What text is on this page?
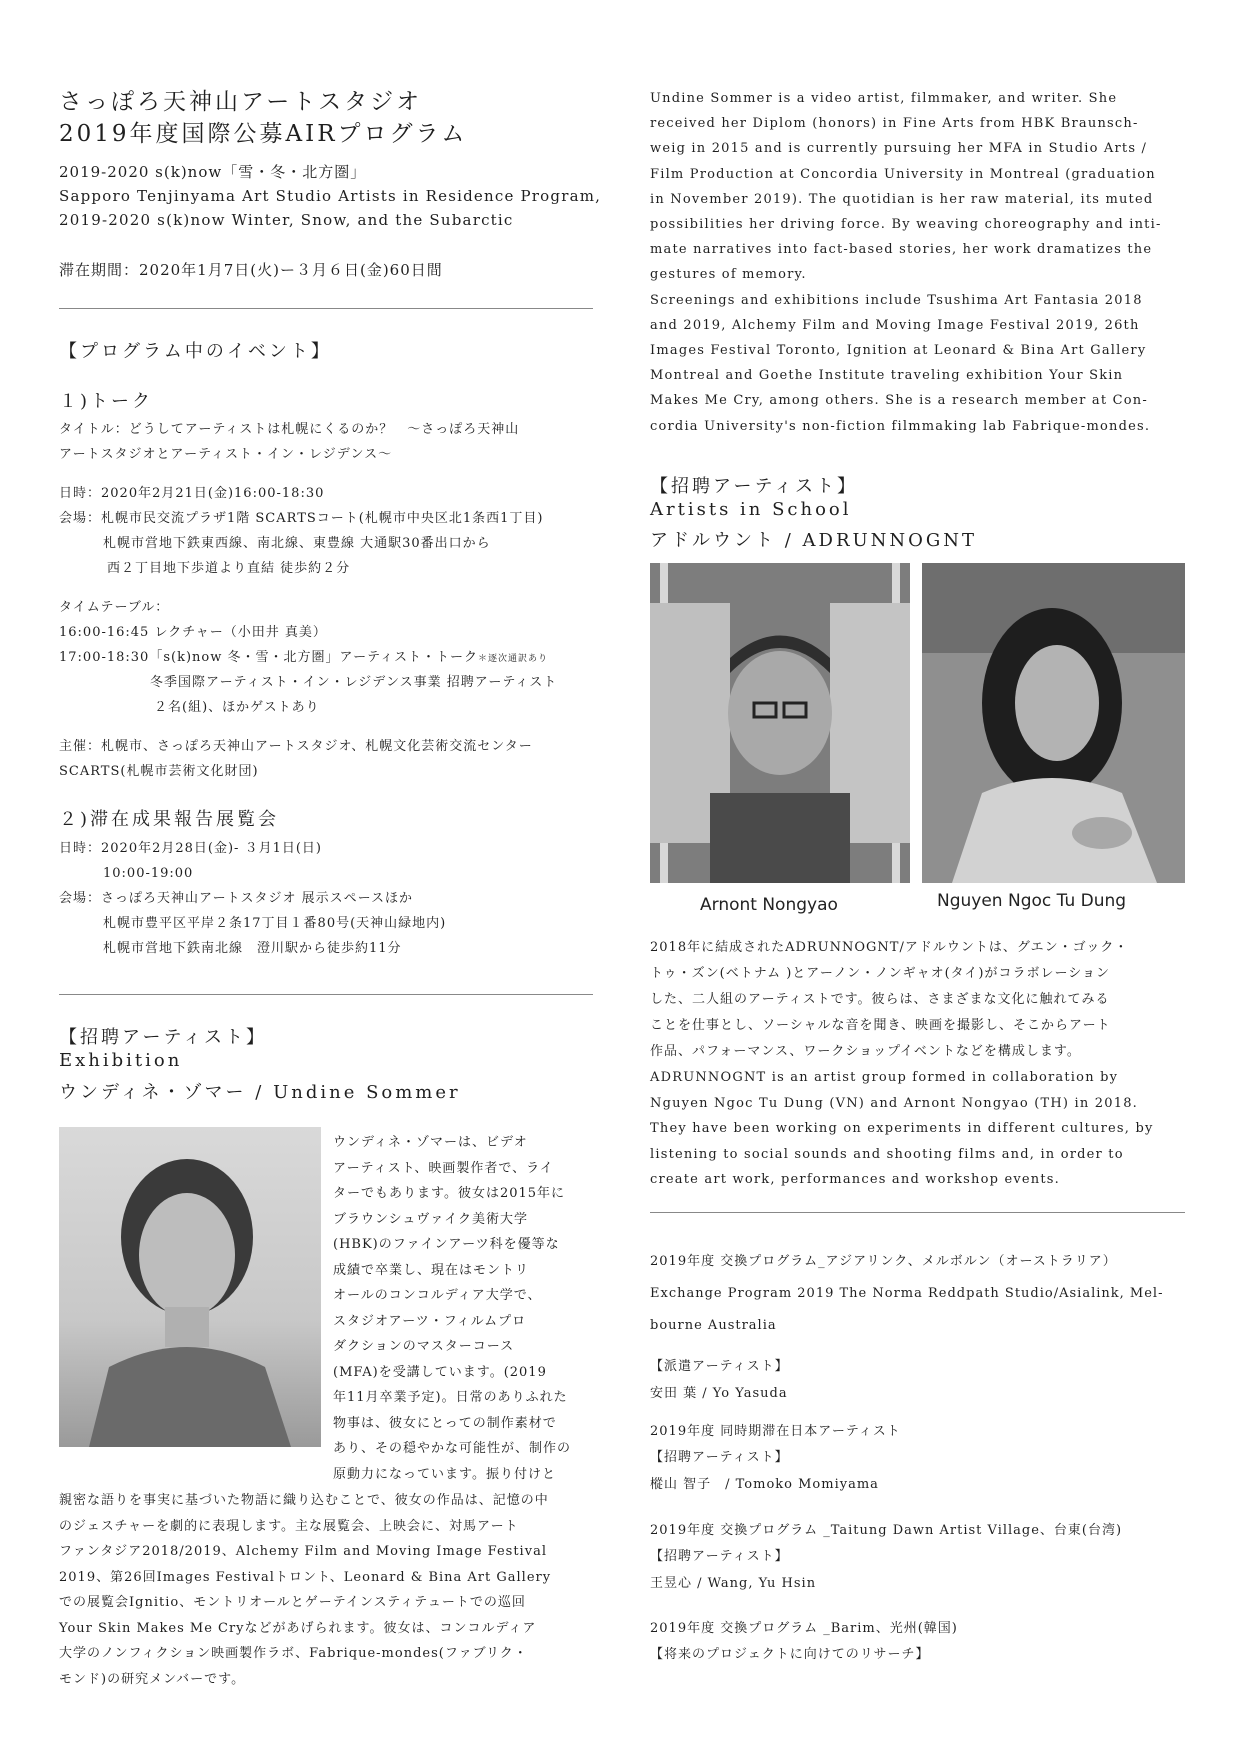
さっぽろ天神山アートスタジオ
2019年度国際公募AIRプログラム
2019-2020 s(k)now「雪・冬・北方圏」
Sapporo Tenjinyama Art Studio Artists in Residence Program,
2019-2020 s(k)now Winter, Snow, and the Subarctic
滞在期間：2020年1月7日(火)ー３月６日(金)60日間
【プログラム中のイベント】
１)トーク
タイトル：どうしてアーティストは札幌にくるのか？　～さっぽろ天神山
アートスタジオとアーティスト・イン・レジデンス～
日時：2020年2月21日(金)16:00-18:30
会場：札幌市民交流プラザ1階 SCARTSコート(札幌市中央区北1条西1丁目)
札幌市営地下鉄東西線、南北線、東豊線 大通駅30番出口から
西２丁目地下歩道より直結 徒歩約２分
タイムテーブル：
16:00-16:45 レクチャー（小田井 真美）
17:00-18:30「s(k)now 冬・雪・北方圏」アーティスト・トーク＊逐次通訳あり
冬季国際アーティスト・イン・レジデンス事業 招聘アーティスト
２名(組)、ほかゲストあり
主催：札幌市、さっぽろ天神山アートスタジオ、札幌文化芸術交流センター
SCARTS(札幌市芸術文化財団)
２)滞在成果報告展覧会
日時：2020年2月28日(金)- ３月1日(日)
10:00-19:00
会場：さっぽろ天神山アートスタジオ 展示スペースほか
札幌市豊平区平岸２条17丁目１番80号(天神山緑地内)
札幌市営地下鉄南北線　澄川駅から徒歩約11分
【招聘アーティスト】
Exhibition
ウンディネ・ゾマー / Undine Sommer
ウンディネ・ゾマーは、ビデオ
アーティスト、映画製作者で、ライ
ターでもあります。彼女は2015年に
ブラウンシュヴァイク美術大学
(HBK)のファインアーツ科を優等な
成績で卒業し、現在はモントリ
オールのコンコルディア大学で、
スタジオアーツ・フィルムプロ
ダクションのマスターコース
(MFA)を受講しています。(2019
年11月卒業予定)。日常のありふれた
物事は、彼女にとっての制作素材で
あり、その穏やかな可能性が、制作の
原動力になっています。振り付けと
親密な語りを事実に基づいた物語に織り込むことで、彼女の作品は、記憶の中
のジェスチャーを劇的に表現します。主な展覧会、上映会に、対馬アート
ファンタジア2018/2019、Alchemy Film and Moving Image Festival
2019、第26回Images Festivalトロント、Leonard & Bina Art Gallery
での展覧会Ignitio、モントリオールとゲーテインスティテュートでの巡回
Your Skin Makes Me Cryなどがあげられます。彼女は、コンコルディア
大学のノンフィクション映画製作ラボ、Fabrique-mondes(ファブリク・
モンド)の研究メンバーです。
Undine Sommer is a video artist, filmmaker, and writer. She
received her Diplom (honors) in Fine Arts from HBK Braunsch-
weig in 2015 and is currently pursuing her MFA in Studio Arts /
Film Production at Concordia University in Montreal (graduation
in November 2019). The quotidian is her raw material, its muted
possibilities her driving force. By weaving choreography and inti-
mate narratives into fact-based stories, her work dramatizes the
gestures of memory.
Screenings and exhibitions include Tsushima Art Fantasia 2018
and 2019, Alchemy Film and Moving Image Festival 2019, 26th
Images Festival Toronto, Ignition at Leonard & Bina Art Gallery
Montreal and Goethe Institute traveling exhibition Your Skin
Makes Me Cry, among others. She is a research member at Con-
cordia University's non-fiction filmmaking lab Fabrique-mondes.
【招聘アーティスト】
Artists in School
アドルウント / ADRUNNOGNT
Arnont Nongyao	Nguyen Ngoc Tu Dung
2018年に結成されたADRUNNOGNT/アドルウントは、グエン・ゴック・
トゥ・ズン(ベトナム )とアーノン・ノンギャオ(タイ)がコラボレーション
した、二人組のアーティストです。彼らは、さまざまな文化に触れてみる
ことを仕事とし、ソーシャルな音を聞き、映画を撮影し、そこからアート
作品、パフォーマンス、ワークショップイベントなどを構成します。
ADRUNNOGNT is an artist group formed in collaboration by
Nguyen Ngoc Tu Dung (VN) and Arnont Nongyao (TH) in 2018.
They have been working on experiments in different cultures, by
listening to social sounds and shooting films and, in order to
create art work, performances and workshop events.
2019年度 交換プログラム_アジアリンク、メルボルン（オーストラリア）
Exchange Program 2019 The Norma Reddpath Studio/Asialink, Mel-
bourne Australia
【派遣アーティスト】
安田 葉 / Yo Yasuda
2019年度 同時期滞在日本アーティスト
【招聘アーティスト】
樅山 智子　/ Tomoko Momiyama
2019年度 交換プログラム _Taitung Dawn Artist Village、台東(台湾)
【招聘アーティスト】
王昱心 / Wang, Yu Hsin
2019年度 交換プログラム _Barim、光州(韓国)
【将来のプロジェクトに向けてのリサーチ】
